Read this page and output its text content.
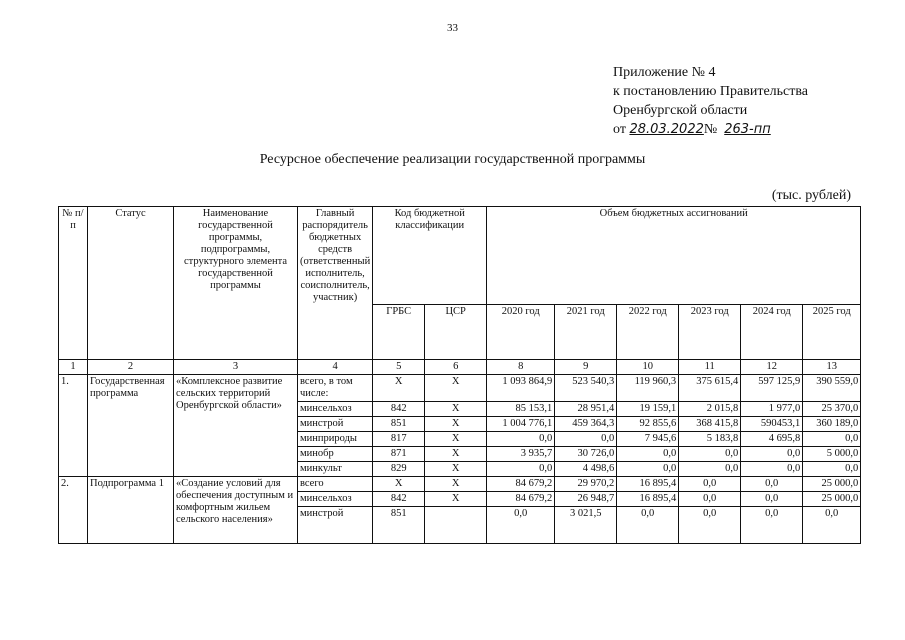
33
Приложение № 4
к постановлению Правительства
Оренбургской области
от 28.03.2022№ 263-пп
Ресурсное обеспечение реализации государственной программы
(тыс. рублей)
№ п/п	Статус	Наименование государственной программы, подпрограммы, структурного элемента государственной программы	Главный распорядитель бюджетных средств (ответственный исполнитель, соисполнитель, участник)	Код бюджетной классификации		Объем бюджетных ассигнований					
				ГРБС	ЦСР	2020 год	2021 год	2022 год	2023 год	2024 год	2025 год
1	2	3	4	5	6	8	9	10	11	12	13
1.	Государственная программа	«Комплексное развитие сельских территорий Оренбургской области»	всего, в том числе:	X	X	1 093 864,9	523 540,3	119 960,3	375 615,4	597 125,9	390 559,0
			минсельхоз	842	X	85 153,1	28 951,4	19 159,1	2 015,8	1 977,0	25 370,0
			минстрой	851	X	1 004 776,1	459 364,3	92 855,6	368 415,8	590453,1	360 189,0
			минприроды	817	X	0,0	0,0	7 945,6	5 183,8	4 695,8	0,0
			минобр	871	X	3 935,7	30 726,0	0,0	0,0	0,0	5 000,0
			минкульт	829	X	0,0	4 498,6	0,0	0,0	0,0	0,0
2.	Подпрограмма 1	«Создание условий для обеспечения доступным и комфортным жильем сельского населения»	всего	X	X	84 679,2	29 970,2	16 895,4	0,0	0,0	25 000,0
			минсельхоз	842	X	84 679,2	26 948,7	16 895,4	0,0	0,0	25 000,0
			минстрой	851		0,0	3 021,5	0,0	0,0	0,0	0,0
